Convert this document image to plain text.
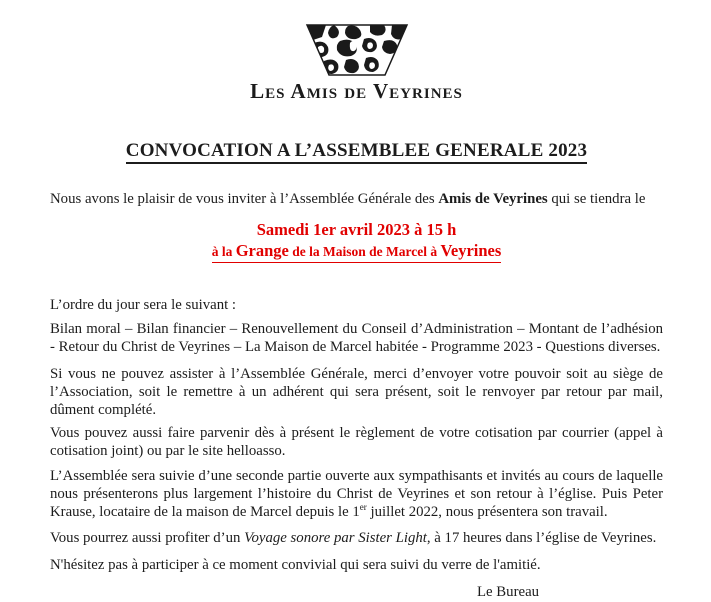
Les Amis de Veyrines
CONVOCATION A L’ASSEMBLEE GENERALE 2023

Nous avons le plaisir de vous inviter à l’Assemblée Générale des Amis de Veyrines qui se tiendra le

Samedi 1er avril 2023 à 15 h
à la Grange de la Maison de Marcel à Veyrines

L’ordre du jour sera le suivant :

Bilan moral – Bilan financier – Renouvellement du Conseil d’Administration – Montant de l’adhésion - Retour du Christ de Veyrines – La Maison de Marcel habitée - Programme 2023 - Questions diverses.

Si vous ne pouvez assister à l’Assemblée Générale, merci d’envoyer votre pouvoir soit au siège de l’Association, soit le remettre à un adhérent qui sera présent, soit le renvoyer par retour par mail, dûment complété.

Vous pouvez aussi faire parvenir dès à présent le règlement de votre cotisation par courrier (appel à cotisation joint) ou par le site helloasso.

L’Assemblée sera suivie d’une seconde partie ouverte aux sympathisants et invités au cours de laquelle nous présenterons plus largement l’histoire du Christ de Veyrines et son retour à l’église. Puis Peter Krause, locataire de la maison de Marcel depuis le 1er juillet 2022, nous présentera son travail.

Vous pourrez aussi profiter d’un Voyage sonore par Sister Light, à 17 heures dans l’église de Veyrines.

N'hésitez pas à participer à ce moment convivial qui sera suivi du verre de l'amitié.

Le Bureau
